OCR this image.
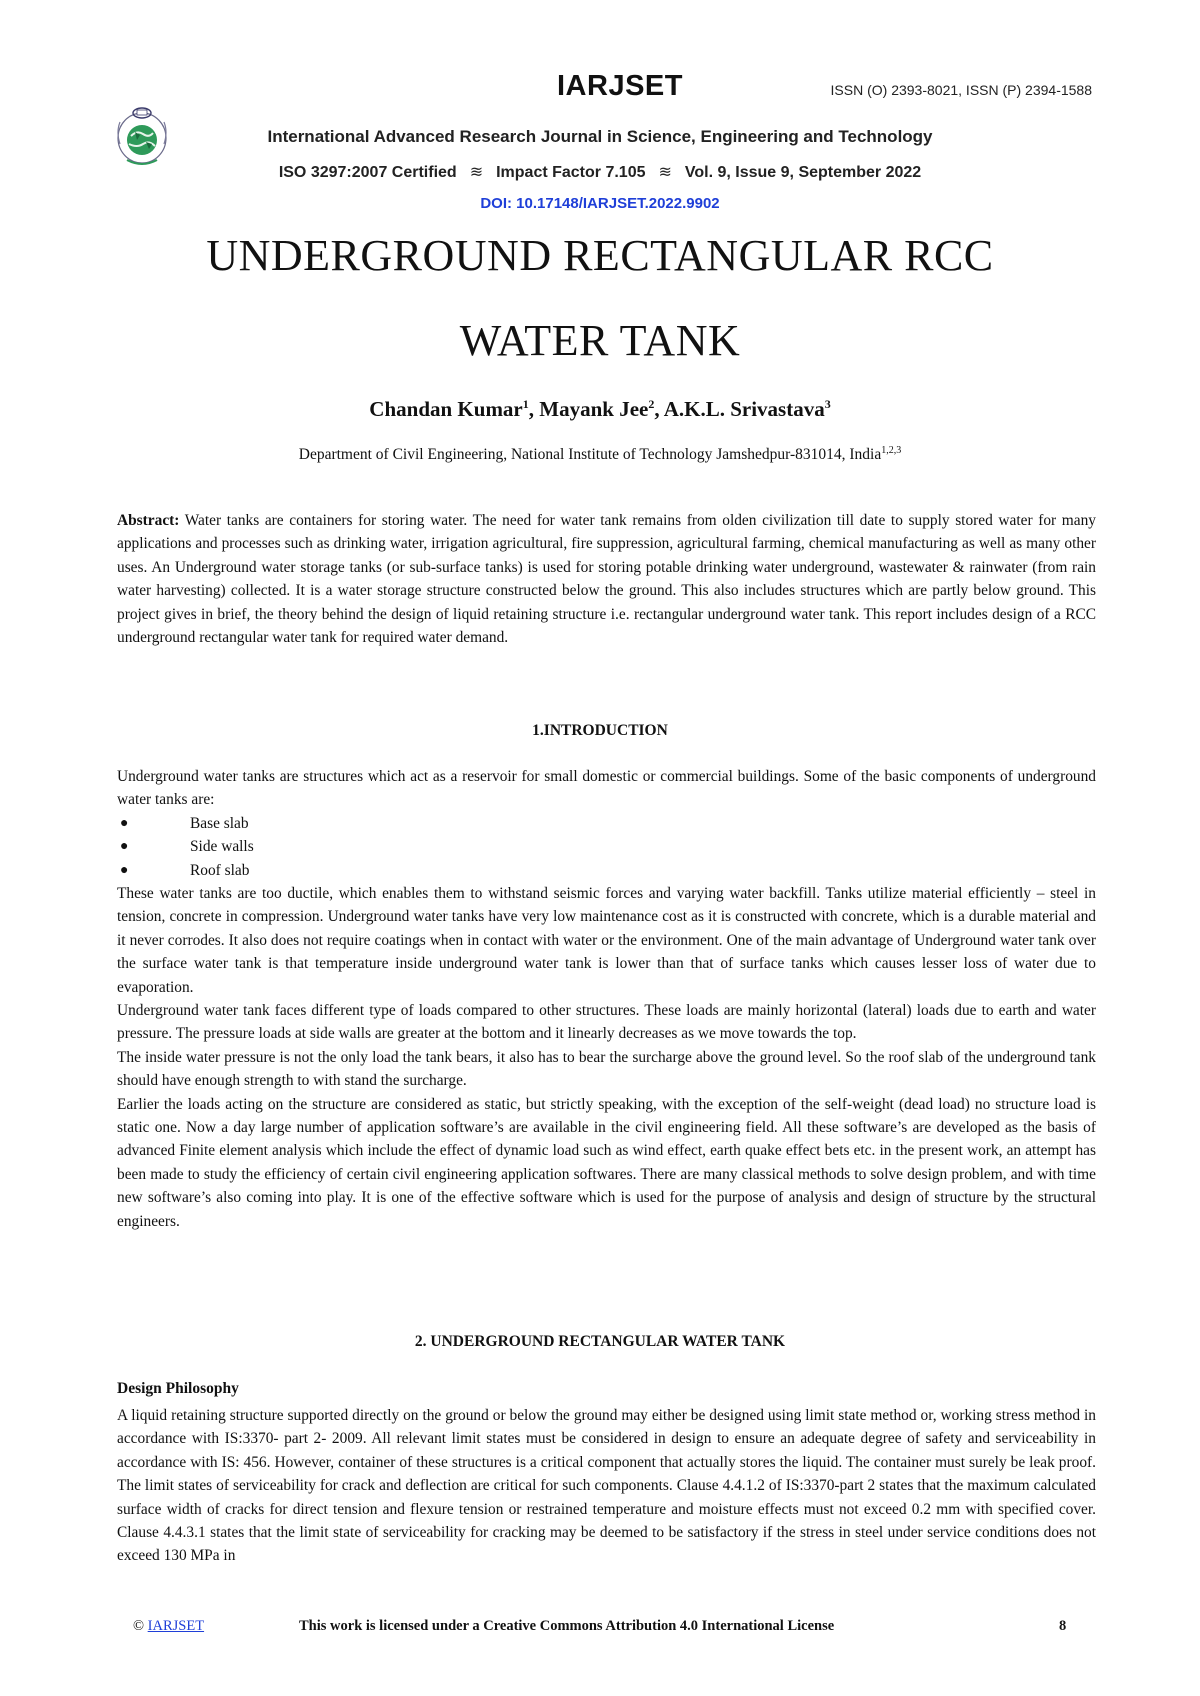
IARJSET	ISSN (O) 2393-8021, ISSN (P) 2394-1588
International Advanced Research Journal in Science, Engineering and Technology
ISO 3297:2007 Certified ≋ Impact Factor 7.105 ≋ Vol. 9, Issue 9, September 2022
DOI: 10.17148/IARJSET.2022.9902
UNDERGROUND RECTANGULAR RCC
WATER TANK
Chandan Kumar$^1$, Mayank Jee$^2$, A.K.L. Srivastava$^3$
Department of Civil Engineering, National Institute of Technology Jamshedpur-831014, India$^{1,2,3}$

Abstract: Water tanks are containers for storing water. The need for water tank remains from olden civilization till date to supply stored water for many applications and processes such as drinking water, irrigation agricultural, fire suppression, agricultural farming, chemical manufacturing as well as many other uses. An Underground water storage tanks (or sub-surface tanks) is used for storing potable drinking water underground, wastewater & rainwater (from rain water harvesting) collected. It is a water storage structure constructed below the ground. This also includes structures which are partly below ground. This project gives in brief, the theory behind the design of liquid retaining structure i.e. rectangular underground water tank. This report includes design of a RCC underground rectangular water tank for required water demand.

1.INTRODUCTION

Underground water tanks are structures which act as a reservoir for small domestic or commercial buildings. Some of the basic components of underground water tanks are:

●	Base slab
●	Side walls
●	Roof slab

These water tanks are too ductile, which enables them to withstand seismic forces and varying water backfill. Tanks utilize material efficiently – steel in tension, concrete in compression. Underground water tanks have very low maintenance cost as it is constructed with concrete, which is a durable material and it never corrodes. It also does not require coatings when in contact with water or the environment. One of the main advantage of Underground water tank over the surface water tank is that temperature inside underground water tank is lower than that of surface tanks which causes lesser loss of water due to evaporation.

Underground water tank faces different type of loads compared to other structures. These loads are mainly horizontal (lateral) loads due to earth and water pressure. The pressure loads at side walls are greater at the bottom and it linearly decreases as we move towards the top.

The inside water pressure is not the only load the tank bears, it also has to bear the surcharge above the ground level. So the roof slab of the underground tank should have enough strength to with stand the surcharge.

Earlier the loads acting on the structure are considered as static, but strictly speaking, with the exception of the self-weight (dead load) no structure load is static one. Now a day large number of application software’s are available in the civil engineering field. All these software’s are developed as the basis of advanced Finite element analysis which include the effect of dynamic load such as wind effect, earth quake effect bets etc. in the present work, an attempt has been made to study the efficiency of certain civil engineering application softwares. There are many classical methods to solve design problem, and with time new software’s also coming into play. It is one of the effective software which is used for the purpose of analysis and design of structure by the structural engineers.

2. UNDERGROUND RECTANGULAR WATER TANK
Design Philosophy

A liquid retaining structure supported directly on the ground or below the ground may either be designed using limit state method or, working stress method in accordance with IS:3370- part 2- 2009. All relevant limit states must be considered in design to ensure an adequate degree of safety and serviceability in accordance with IS: 456. However, container of these structures is a critical component that actually stores the liquid. The container must surely be leak proof. The limit states of serviceability for crack and deflection are critical for such components. Clause 4.4.1.2 of IS:3370-part 2 states that the maximum calculated surface width of cracks for direct tension and flexure tension or restrained temperature and moisture effects must not exceed 0.2 mm with specified cover. Clause 4.4.3.1 states that the limit state of serviceability for cracking may be deemed to be satisfactory if the stress in steel under service conditions does not exceed 130 MPa in

© IARJSET	This work is licensed under a Creative Commons Attribution 4.0 International License	8
